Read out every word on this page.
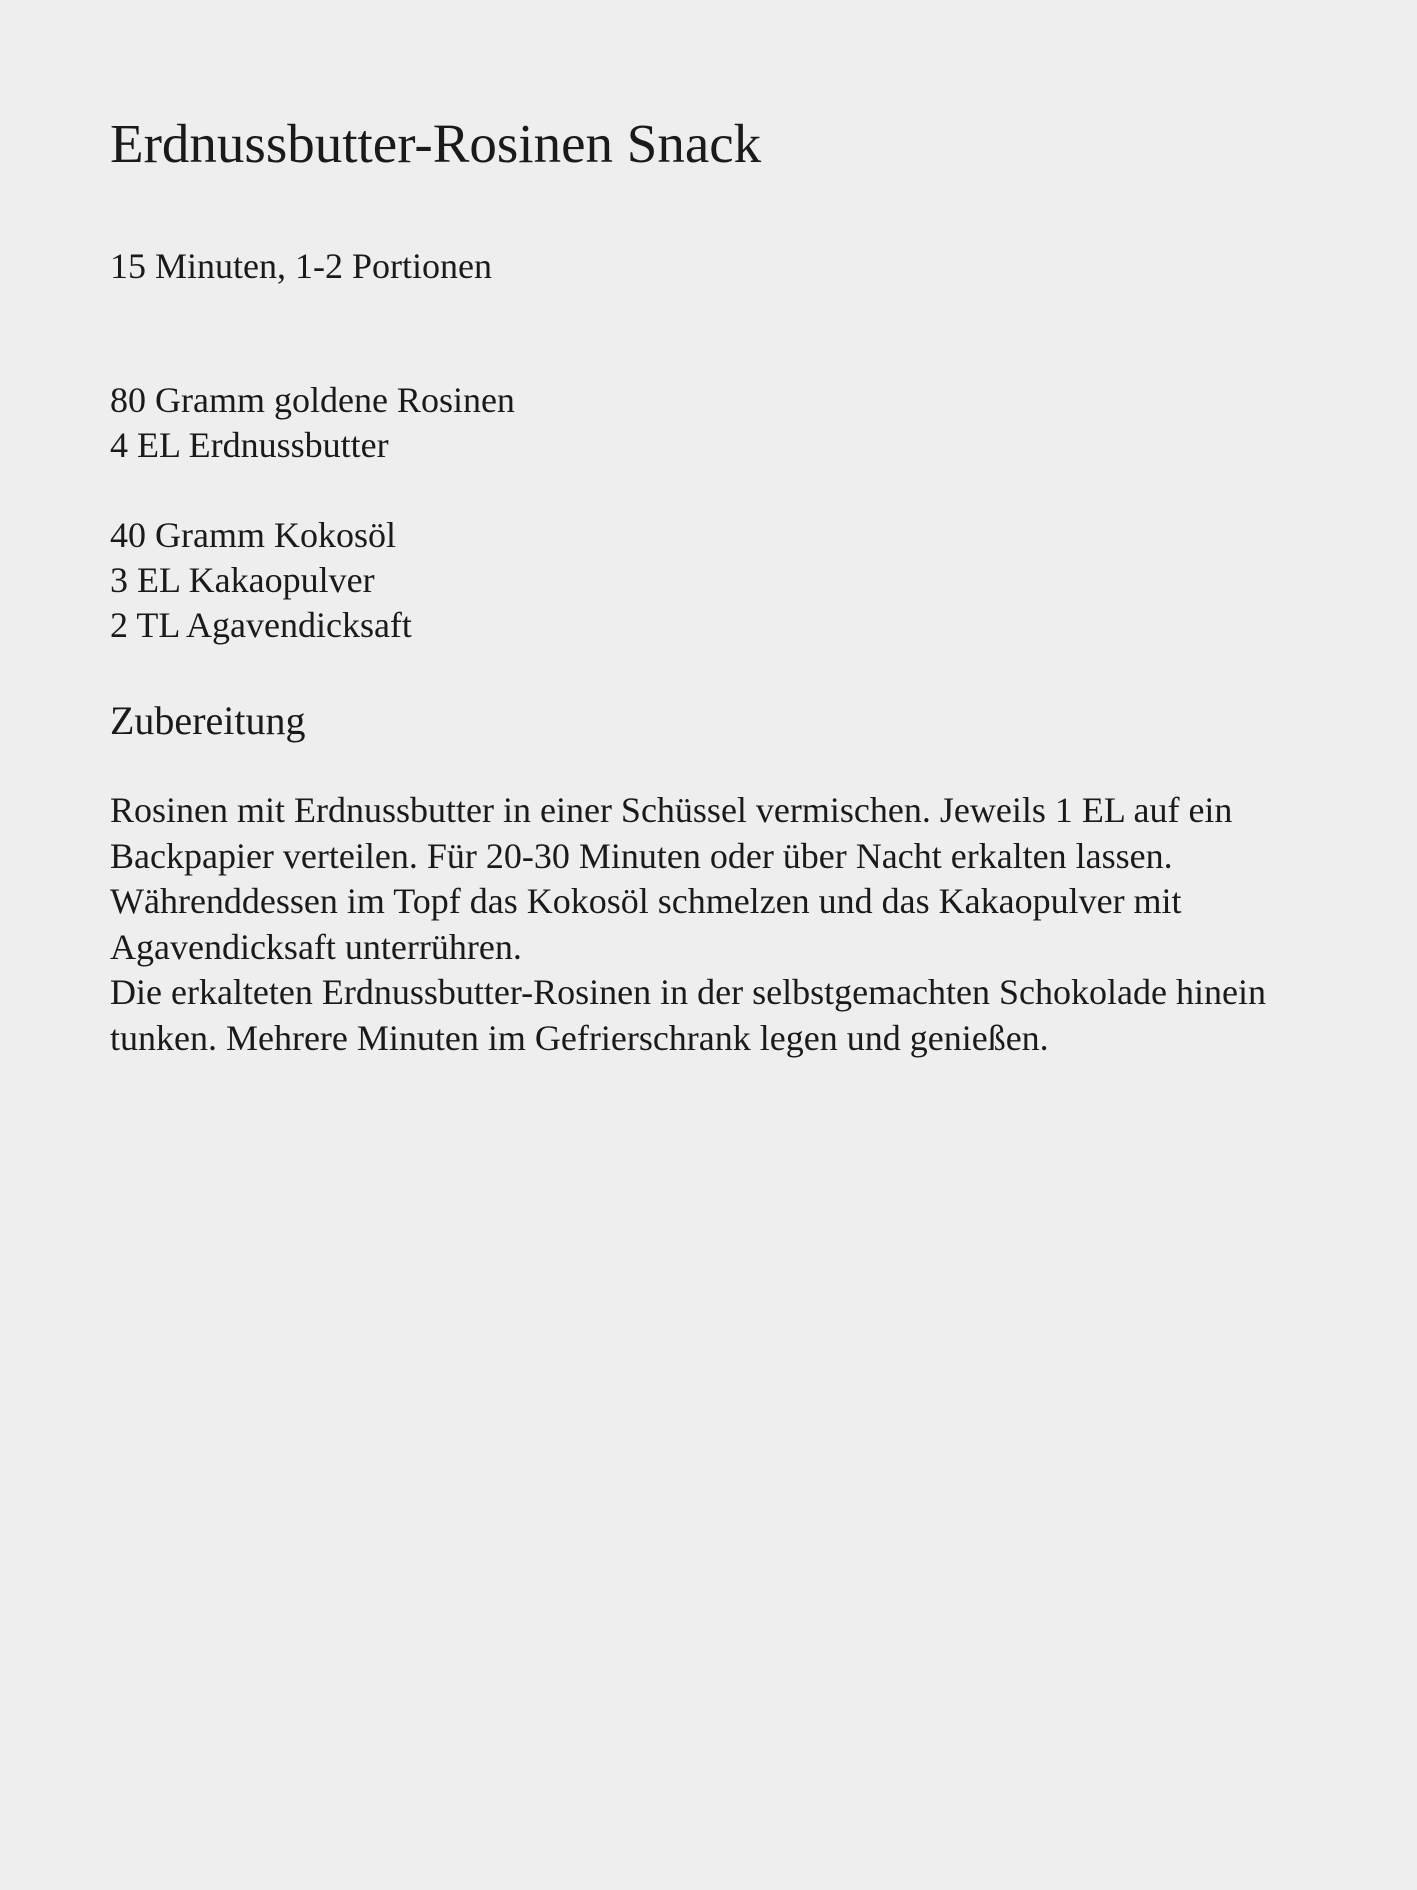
Erdnussbutter-Rosinen Snack

15 Minuten, 1-2 Portionen

80 Gramm goldene Rosinen
4 EL Erdnussbutter
40 Gramm Kokosöl
3 EL Kakaopulver
2 TL Agavendicksaft
Zubereitung

Rosinen mit Erdnussbutter in einer Schüssel vermischen. Jeweils 1 EL auf ein
Backpapier verteilen. Für 20-30 Minuten oder über Nacht erkalten lassen.
Währenddessen im Topf das Kokosöl schmelzen und das Kakaopulver mit
Agavendicksaft unterrühren.
Die erkalteten Erdnussbutter-Rosinen in der selbstgemachten Schokolade hinein
tunken. Mehrere Minuten im Gefrierschrank legen und genießen.
